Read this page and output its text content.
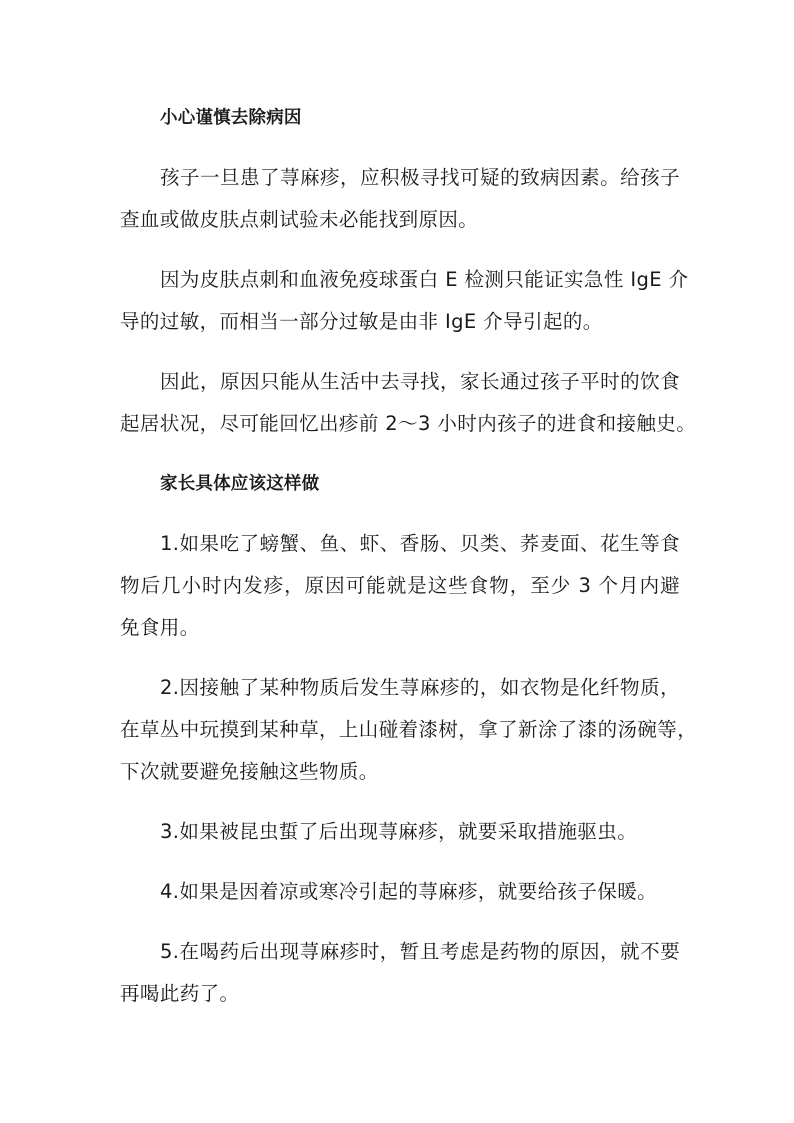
小心谨慎去除病因
孩子一旦患了荨麻疹，应积极寻找可疑的致病因素。给孩子
查血或做皮肤点刺试验未必能找到原因。
因为皮肤点刺和血液免疫球蛋白 E 检测只能证实急性 IgE 介
导的过敏，而相当一部分过敏是由非 IgE 介导引起的。
因此，原因只能从生活中去寻找，家长通过孩子平时的饮食
起居状况，尽可能回忆出疹前 2～3 小时内孩子的进食和接触史。
家长具体应该这样做
1.如果吃了螃蟹、鱼、虾、香肠、贝类、荞麦面、花生等食
物后几小时内发疹，原因可能就是这些食物，至少 3 个月内避
免食用。
2.因接触了某种物质后发生荨麻疹的，如衣物是化纤物质，
在草丛中玩摸到某种草，上山碰着漆树，拿了新涂了漆的汤碗等，
下次就要避免接触这些物质。
3.如果被昆虫蜇了后出现荨麻疹，就要采取措施驱虫。
4.如果是因着凉或寒冷引起的荨麻疹，就要给孩子保暖。
5.在喝药后出现荨麻疹时，暂且考虑是药物的原因，就不要
再喝此药了。
